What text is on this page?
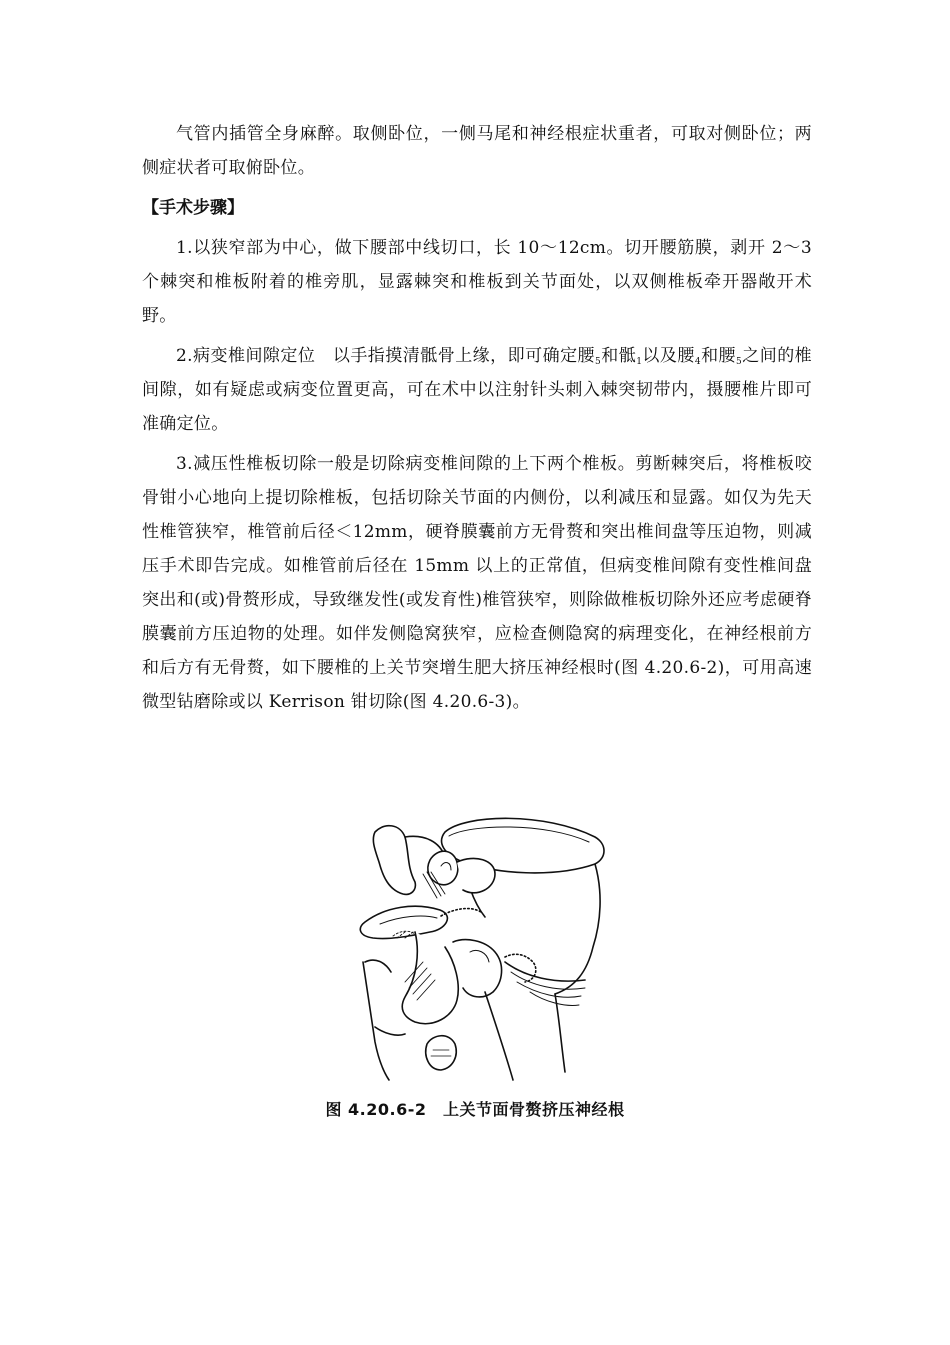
气管内插管全身麻醉。取侧卧位，一侧马尾和神经根症状重者，可取对侧卧位；两侧症状者可取俯卧位。

【手术步骤】

1.以狭窄部为中心，做下腰部中线切口，长 10～12cm。切开腰筋膜，剥开 2～3 个棘突和椎板附着的椎旁肌，显露棘突和椎板到关节面处，以双侧椎板牵开器敞开术野。

2.病变椎间隙定位　以手指摸清骶骨上缘，即可确定腰$_5$和骶$_1$以及腰$_4$和腰$_5$之间的椎间隙，如有疑虑或病变位置更高，可在术中以注射针头刺入棘突韧带内，摄腰椎片即可准确定位。

3.减压性椎板切除一般是切除病变椎间隙的上下两个椎板。剪断棘突后，将椎板咬骨钳小心地向上提切除椎板，包括切除关节面的内侧份，以利减压和显露。如仅为先天性椎管狭窄，椎管前后径＜12mm，硬脊膜囊前方无骨赘和突出椎间盘等压迫物，则减压手术即告完成。如椎管前后径在 15mm 以上的正常值，但病变椎间隙有变性椎间盘突出和(或)骨赘形成，导致继发性(或发育性)椎管狭窄，则除做椎板切除外还应考虑硬脊膜囊前方压迫物的处理。如伴发侧隐窝狭窄，应检查侧隐窝的病理变化，在神经根前方和后方有无骨赘，如下腰椎的上关节突增生肥大挤压神经根时(图 4.20.6-2)，可用高速微型钻磨除或以 Kerrison 钳切除(图 4.20.6-3)。

图 4.20.6-2　上关节面骨赘挤压神经根
